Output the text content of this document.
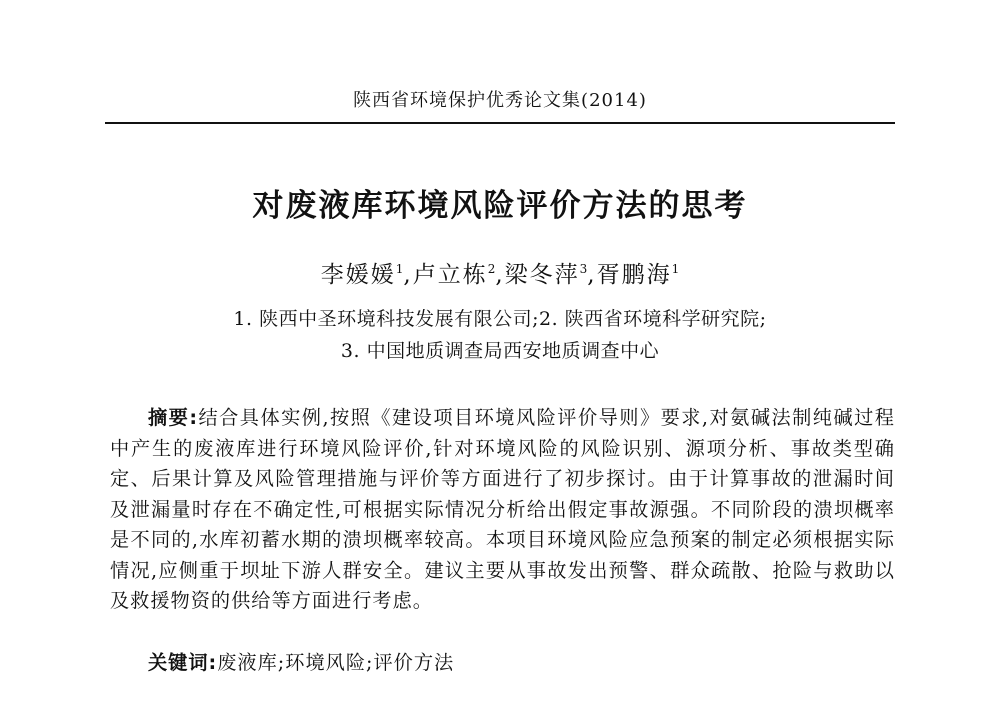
陕西省环境保护优秀论文集(2014)
对废液库环境风险评价方法的思考
李媛媛$^1$,卢立栋$^2$,梁冬萍$^3$,胥鹏海$^1$
1. 陕西中圣环境科技发展有限公司;2. 陕西省环境科学研究院;
3. 中国地质调查局西安地质调查中心
摘要:结合具体实例,按照《建设项目环境风险评价导则》要求,对氨碱法制纯碱过程中产生的废液库进行环境风险评价,针对环境风险的风险识别、源项分析、事故类型确定、后果计算及风险管理措施与评价等方面进行了初步探讨。由于计算事故的泄漏时间及泄漏量时存在不确定性,可根据实际情况分析给出假定事故源强。不同阶段的溃坝概率是不同的,水库初蓄水期的溃坝概率较高。本项目环境风险应急预案的制定必须根据实际情况,应侧重于坝址下游人群安全。建议主要从事故发出预警、群众疏散、抢险与救助以及救援物资的供给等方面进行考虑。
关键词:废液库;环境风险;评价方法
